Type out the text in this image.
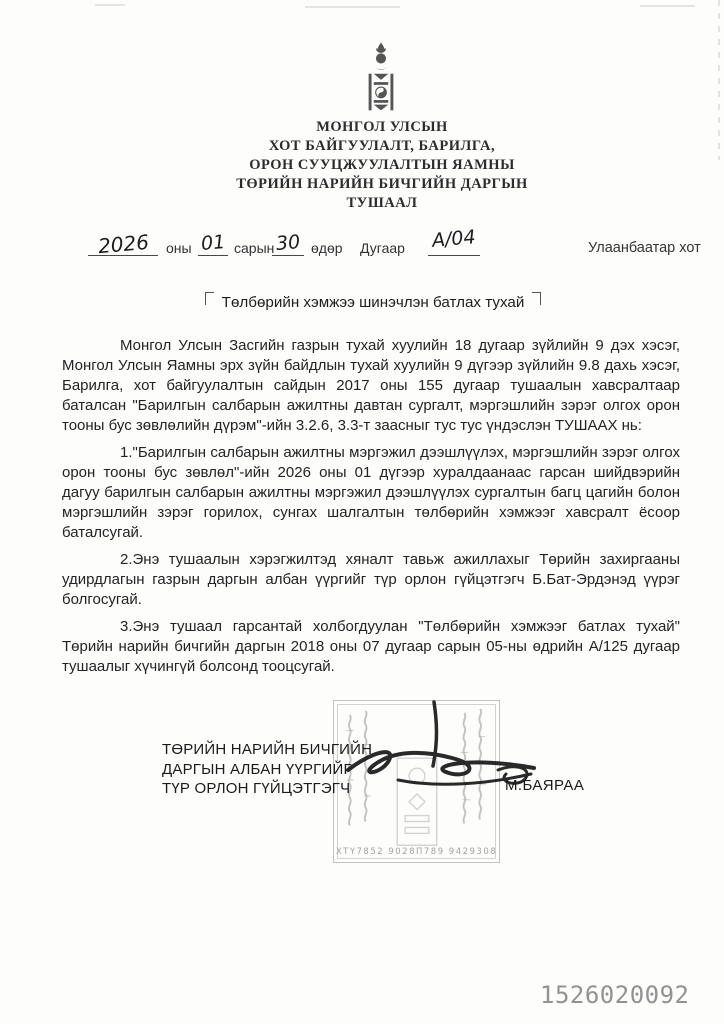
МОНГОЛ УЛСЫН
ХОТ БАЙГУУЛАЛТ, БАРИЛГА,
ОРОН СУУЦЖУУЛАЛТЫН ЯАМНЫ
ТӨРИЙН НАРИЙН БИЧГИЙН ДАРГЫН
ТУШААЛ
2026	оны 01 сарын 30 өдөр Дугаар А/04	Улаанбаатар хот
Төлбөрийн хэмжээ шинэчлэн батлах тухай

Монгол Улсын Засгийн газрын тухай хуулийн 18 дугаар зүйлийн 9 дэх хэсэг, Монгол Улсын Яамны эрх зүйн байдлын тухай хуулийн 9 дүгээр зүйлийн 9.8 дахь хэсэг, Барилга, хот байгуулалтын сайдын 2017 оны 155 дугаар тушаалын хавсралтаар баталсан "Барилгын салбарын ажилтны давтан сургалт, мэргэшлийн зэрэг олгох орон тооны бус зөвлөлийн дүрэм"-ийн 3.2.6, 3.3-т заасныг тус тус үндэслэн ТУШААХ нь:

1."Барилгын салбарын ажилтны мэргэжил дээшлүүлэх, мэргэшлийн зэрэг олгох орон тооны бус зөвлөл"-ийн 2026 оны 01 дүгээр хуралдаанаас гарсан шийдвэрийн дагуу барилгын салбарын ажилтны мэргэжил дээшлүүлэх сургалтын багц цагийн болон мэргэшлийн зэрэг горилох, сунгах шалгалтын төлбөрийн хэмжээг хавсралт ёсоор баталсугай.

2.Энэ тушаалын хэрэгжилтэд хяналт тавьж ажиллахыг Төрийн захиргааны удирдлагын газрын даргын албан үүргийг түр орлон гүйцэтгэгч Б.Бат-Эрдэнэд үүрэг болгосугай.

3.Энэ тушаал гарсантай холбогдуулан "Төлбөрийн хэмжээг батлах тухай" Төрийн нарийн бичгийн даргын 2018 оны 07 дугаар сарын 05-ны өдрийн А/125 дугаар тушаалыг хүчингүй болсонд тооцсугай.

ХТҮ7852 9028П789 9429308
ТӨРИЙН НАРИЙН БИЧГИЙН
ДАРГЫН АЛБАН ҮҮРГИЙГ
ТҮР ОРЛОН ГҮЙЦЭТГЭГЧ	М.БАЯРАА
1526020092
